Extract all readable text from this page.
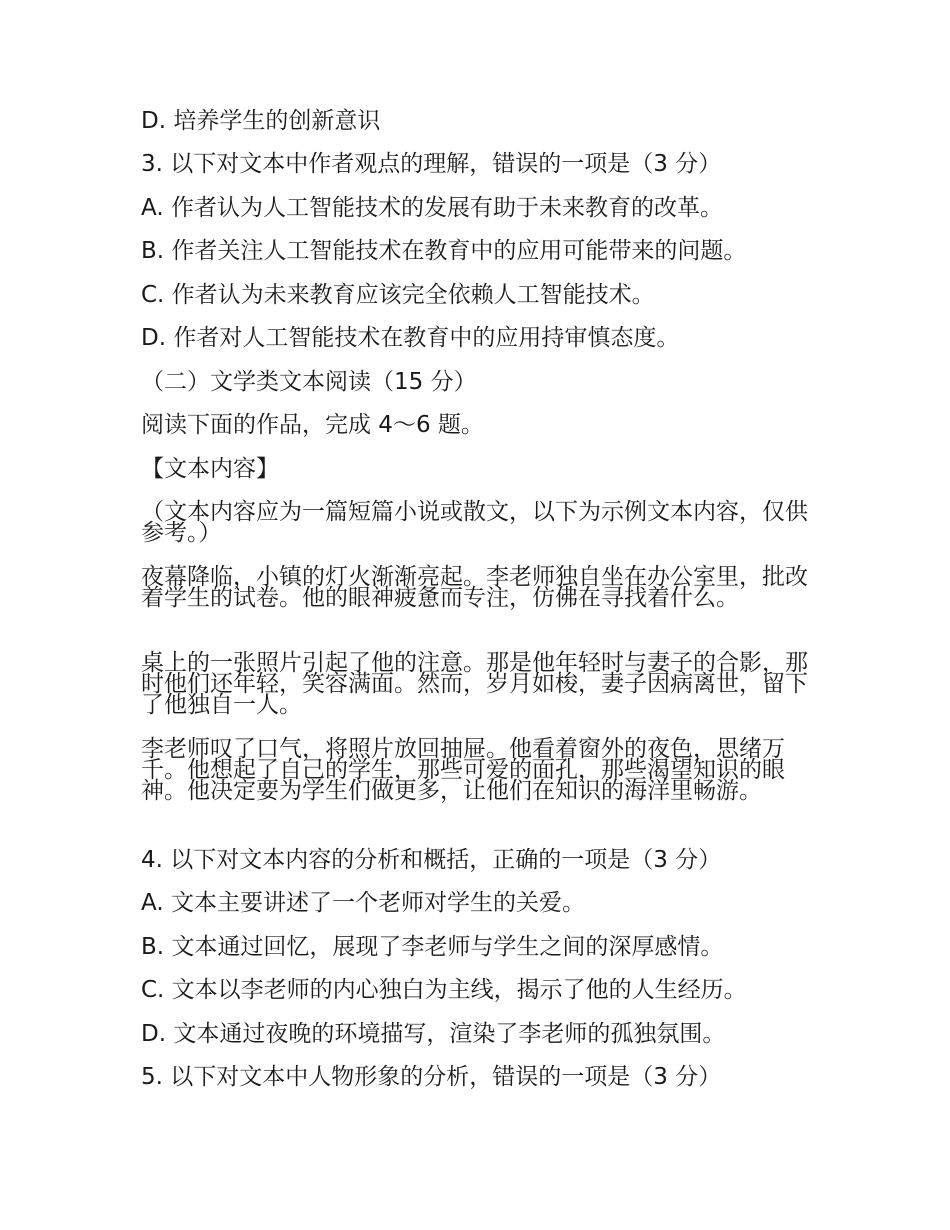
D. 培养学生的创新意识
3. 以下对文本中作者观点的理解，错误的一项是（3 分）
A. 作者认为人工智能技术的发展有助于未来教育的改革。
B. 作者关注人工智能技术在教育中的应用可能带来的问题。
C. 作者认为未来教育应该完全依赖人工智能技术。
D. 作者对人工智能技术在教育中的应用持审慎态度。
（二）文学类文本阅读（15 分）
阅读下面的作品，完成 4～6 题。
【文本内容】
（文本内容应为一篇短篇小说或散文，以下为示例文本内容，仅供参考。）
夜幕降临，小镇的灯火渐渐亮起。李老师独自坐在办公室里，批改着学生的试卷。他的眼神疲惫而专注，仿佛在寻找着什么。
桌上的一张照片引起了他的注意。那是他年轻时与妻子的合影，那时他们还年轻，笑容满面。然而，岁月如梭，妻子因病离世，留下了他独自一人。
李老师叹了口气，将照片放回抽屉。他看着窗外的夜色，思绪万千。他想起了自己的学生，那些可爱的面孔，那些渴望知识的眼神。他决定要为学生们做更多，让他们在知识的海洋里畅游。
4. 以下对文本内容的分析和概括，正确的一项是（3 分）
A. 文本主要讲述了一个老师对学生的关爱。
B. 文本通过回忆，展现了李老师与学生之间的深厚感情。
C. 文本以李老师的内心独白为主线，揭示了他的人生经历。
D. 文本通过夜晚的环境描写，渲染了李老师的孤独氛围。
5. 以下对文本中人物形象的分析，错误的一项是（3 分）
